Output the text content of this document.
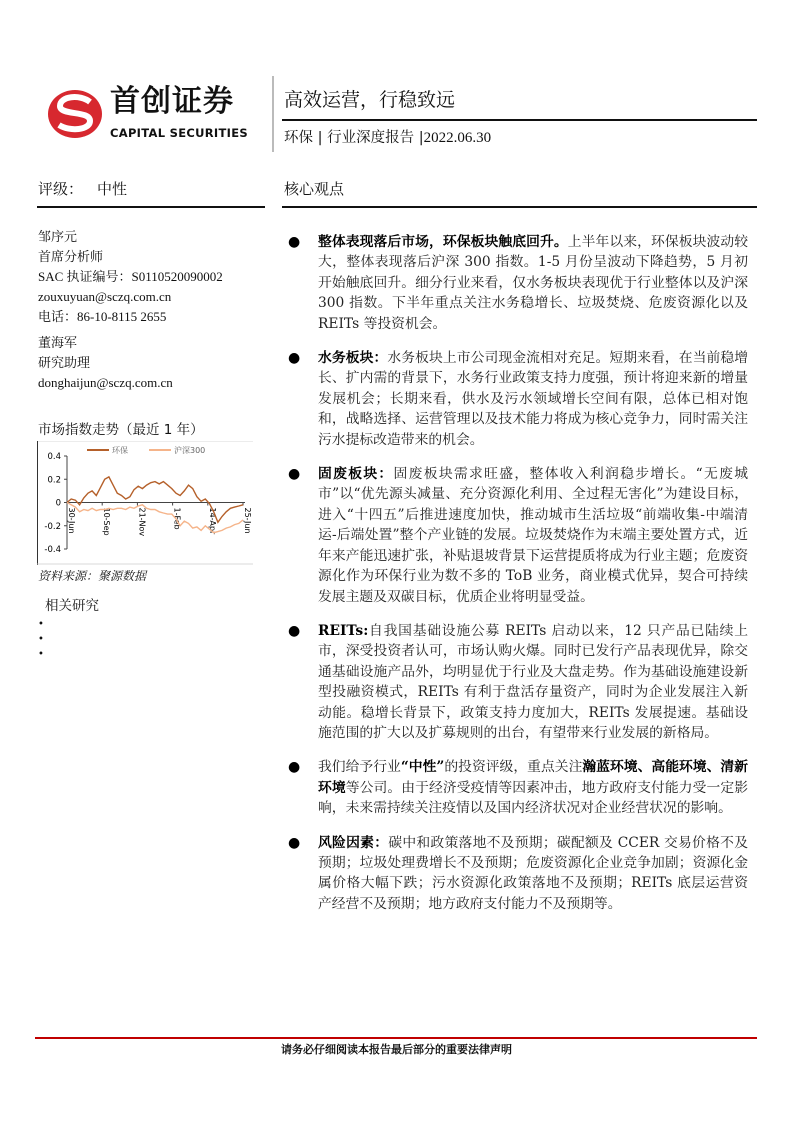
首创证券
CAPITAL SECURITIES
高效运营，行稳致远
环保 | 行业深度报告 |2022.06.30
评级： 中性	核心观点
邹序元
首席分析师
SAC 执证编号：S0110520090002
zouxuyuan@sczq.com.cn
电话：86-10-8115 2655
董海军
研究助理
donghaijun@sczq.com.cn
市场指数走势（最近 1 年）
0.4
0.2
0
-0.2
-0.4
30-Jun	10-Sep	21-Nov	1-Feb	14-Apr	25-Jun
环保	沪深300
资料来源：聚源数据
相关研究
•
•
•
● 整体表现落后市场，环保板块触底回升。上半年以来，环保板块波动较大，整体表现落后沪深 300 指数。1-5 月份呈波动下降趋势，5 月初开始触底回升。细分行业来看，仅水务板块表现优于行业整体以及沪深 300 指数。下半年重点关注水务稳增长、垃圾焚烧、危废资源化以及 REITs 等投资机会。
● 水务板块：水务板块上市公司现金流相对充足。短期来看，在当前稳增长、扩内需的背景下，水务行业政策支持力度强，预计将迎来新的增量发展机会；长期来看，供水及污水领域增长空间有限，总体已相对饱和，战略选择、运营管理以及技术能力将成为核心竞争力，同时需关注污水提标改造带来的机会。
● 固废板块：固废板块需求旺盛，整体收入利润稳步增长。“无废城市”以“优先源头减量、充分资源化利用、全过程无害化”为建设目标，进入“十四五”后推进速度加快，推动城市生活垃圾“前端收集-中端清运-后端处置”整个产业链的发展。垃圾焚烧作为末端主要处置方式，近年来产能迅速扩张，补贴退坡背景下运营提质将成为行业主题；危废资源化作为环保行业为数不多的 ToB 业务，商业模式优异，契合可持续发展主题及双碳目标，优质企业将明显受益。
● REITs:自我国基础设施公募 REITs 启动以来，12 只产品已陆续上市，深受投资者认可，市场认购火爆。同时已发行产品表现优异，除交通基础设施产品外，均明显优于行业及大盘走势。作为基础设施建设新型投融资模式，REITs 有利于盘活存量资产，同时为企业发展注入新动能。稳增长背景下，政策支持力度加大，REITs 发展提速。基础设施范围的扩大以及扩募规则的出台，有望带来行业发展的新格局。
● 我们给予行业“中性”的投资评级，重点关注瀚蓝环境、高能环境、清新环境等公司。由于经济受疫情等因素冲击，地方政府支付能力受一定影响，未来需持续关注疫情以及国内经济状况对企业经营状况的影响。
● 风险因素：碳中和政策落地不及预期；碳配额及 CCER 交易价格不及预期；垃圾处理费增长不及预期；危废资源化企业竞争加剧；资源化金属价格大幅下跌；污水资源化政策落地不及预期；REITs 底层运营资产经营不及预期；地方政府支付能力不及预期等。
请务必仔细阅读本报告最后部分的重要法律声明
